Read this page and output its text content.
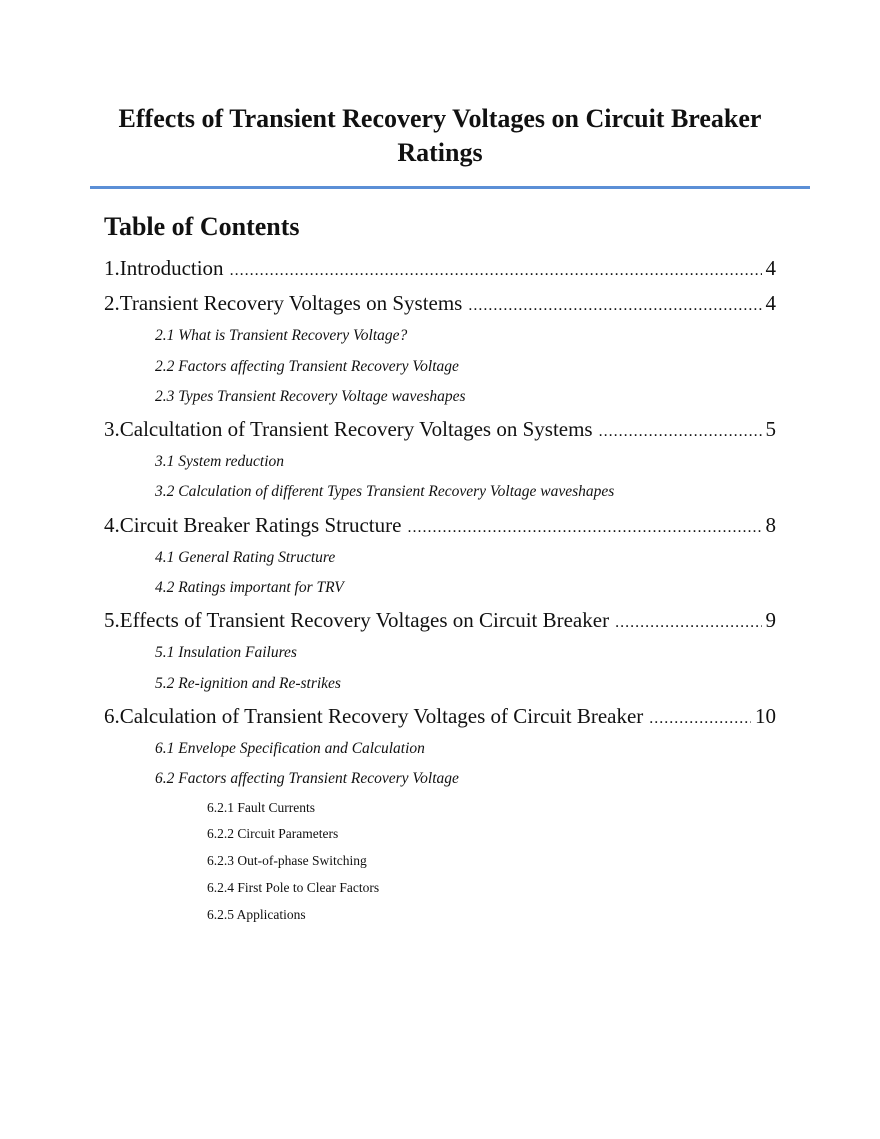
Effects of Transient Recovery Voltages on Circuit Breaker Ratings
Table of Contents
1.Introduction .....	4
2.Transient Recovery Voltages on Systems .....	4
2.1 What is Transient Recovery Voltage?
2.2 Factors affecting Transient Recovery Voltage
2.3 Types Transient Recovery Voltage waveshapes
3.Calcultation of Transient Recovery Voltages on Systems .....	5
3.1 System reduction
3.2 Calculation of different Types Transient Recovery Voltage waveshapes
4.Circuit Breaker Ratings Structure .....	8
4.1 General Rating Structure
4.2 Ratings important for TRV
5.Effects of Transient Recovery Voltages on Circuit Breaker .....	9
5.1 Insulation Failures
5.2 Re-ignition and Re-strikes
6.Calculation of Transient Recovery Voltages of Circuit Breaker .....	10
6.1 Envelope Specification and Calculation
6.2 Factors affecting Transient Recovery Voltage
6.2.1 Fault Currents
6.2.2 Circuit Parameters
6.2.3 Out-of-phase Switching
6.2.4 First Pole to Clear Factors
6.2.5 Applications
